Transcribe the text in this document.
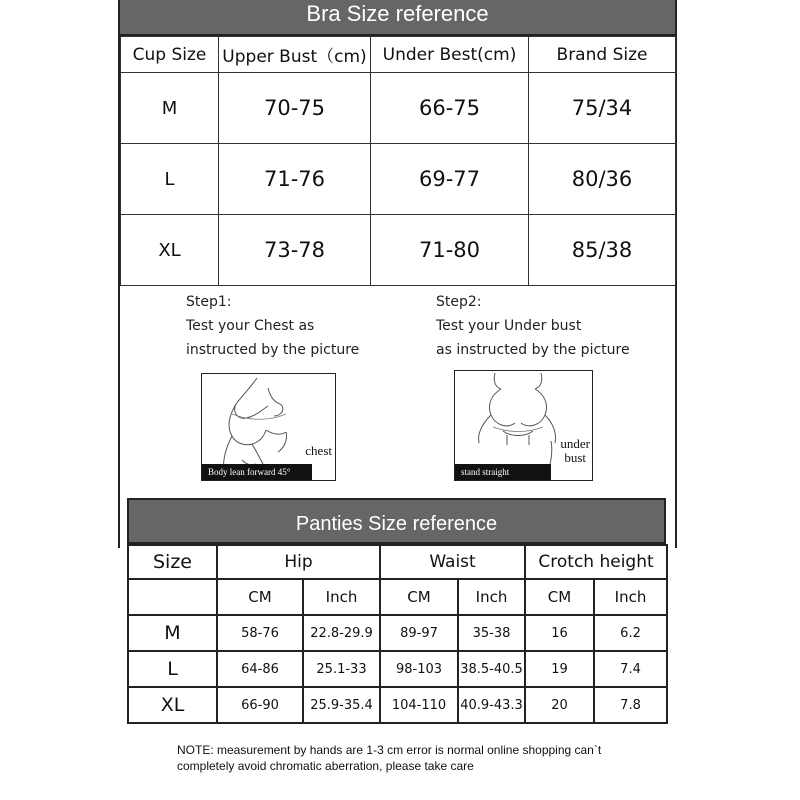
Bra Size reference
Cup Size	Upper Bust（cm)	Under Best(cm)	Brand Size
M	70-75	66-75	75/34
L	71-76	69-77	80/36
XL	73-78	71-80	85/38
Step1:
Test your Chest as
instructed by the picture
chest
Body lean forward 45°
Step2:
Test your Under bust
as instructed by the picture
under
bust
stand straight
Panties Size reference
Size	Hip		Waist		Crotch height	
	CM	Inch	CM	Inch	CM	Inch
M	58-76	22.8-29.9	89-97	35-38	16	6.2
L	64-86	25.1-33	98-103	38.5-40.5	19	7.4
XL	66-90	25.9-35.4	104-110	40.9-43.3	20	7.8
NOTE: measurement by hands are 1-3 cm error is normal online shopping can`t
completely avoid chromatic aberration, please take care
